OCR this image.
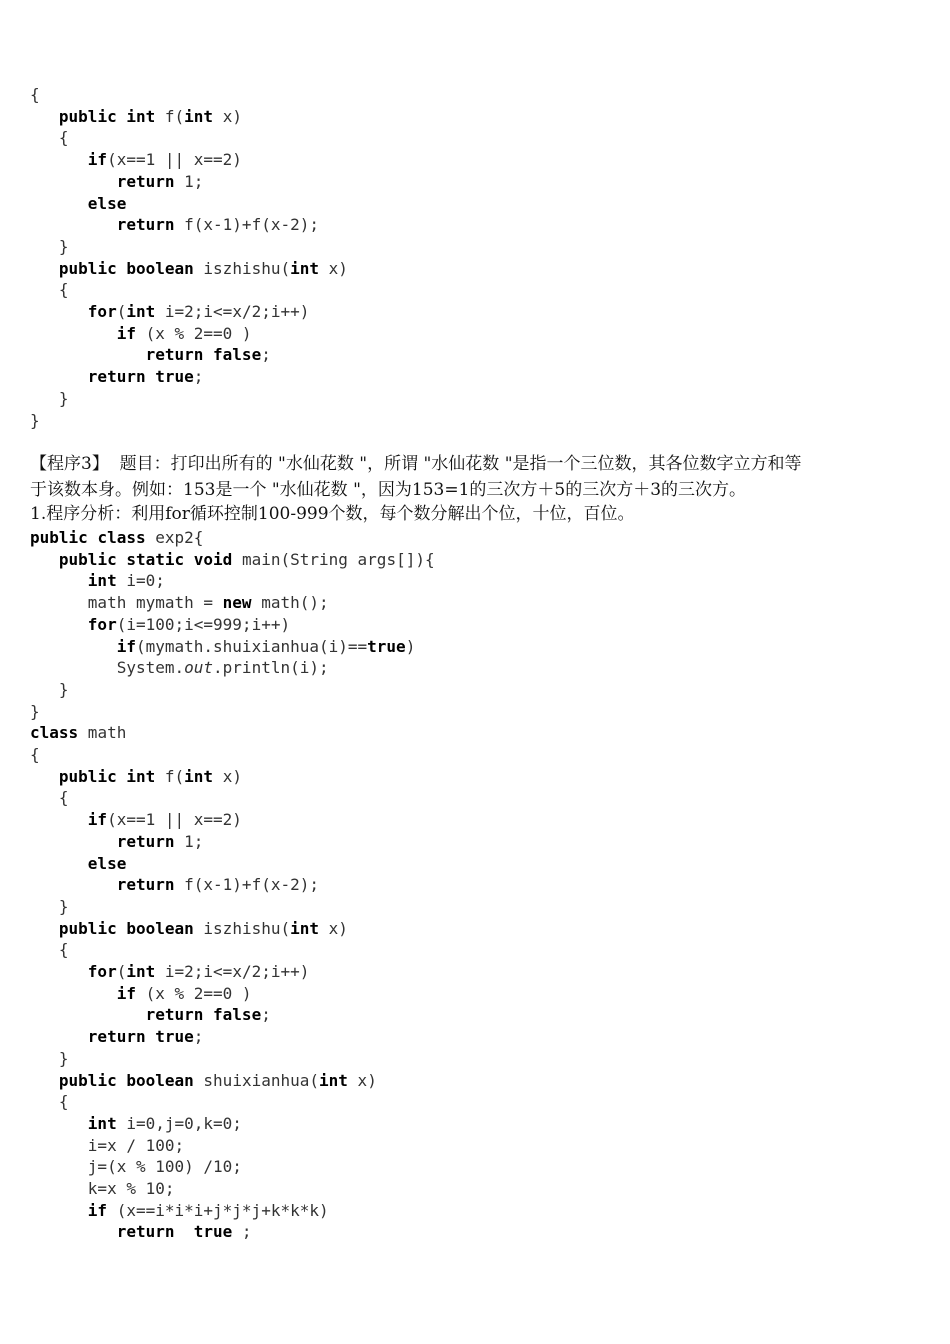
{
public int f(int x)
{
if(x==1 || x==2)
return 1;
else
return f(x-1)+f(x-2);
}
public boolean iszhishu(int x)
{
for(int i=2;i<=x/2;i++)
if (x % 2==0 )
return false;
return true;
}
}
【程序3】  题目：打印出所有的 "水仙花数 "，所谓 "水仙花数 "是指一个三位数，其各位数字立方和等
于该数本身。例如：153是一个 "水仙花数 "，因为153=1的三次方＋5的三次方＋3的三次方。
1.程序分析：利用for循环控制100-999个数，每个数分解出个位，十位，百位。
public class exp2{
public static void main(String args[]){
int i=0;
math mymath = new math();
for(i=100;i<=999;i++)
if(mymath.shuixianhua(i)==true)
System.out.println(i);
}
}
class math
{
public int f(int x)
{
if(x==1 || x==2)
return 1;
else
return f(x-1)+f(x-2);
}
public boolean iszhishu(int x)
{
for(int i=2;i<=x/2;i++)
if (x % 2==0 )
return false;
return true;
}
public boolean shuixianhua(int x)
{
int i=0,j=0,k=0;
i=x / 100;
j=(x % 100) /10;
k=x % 10;
if (x==i*i*i+j*j*j+k*k*k)
return true ;
